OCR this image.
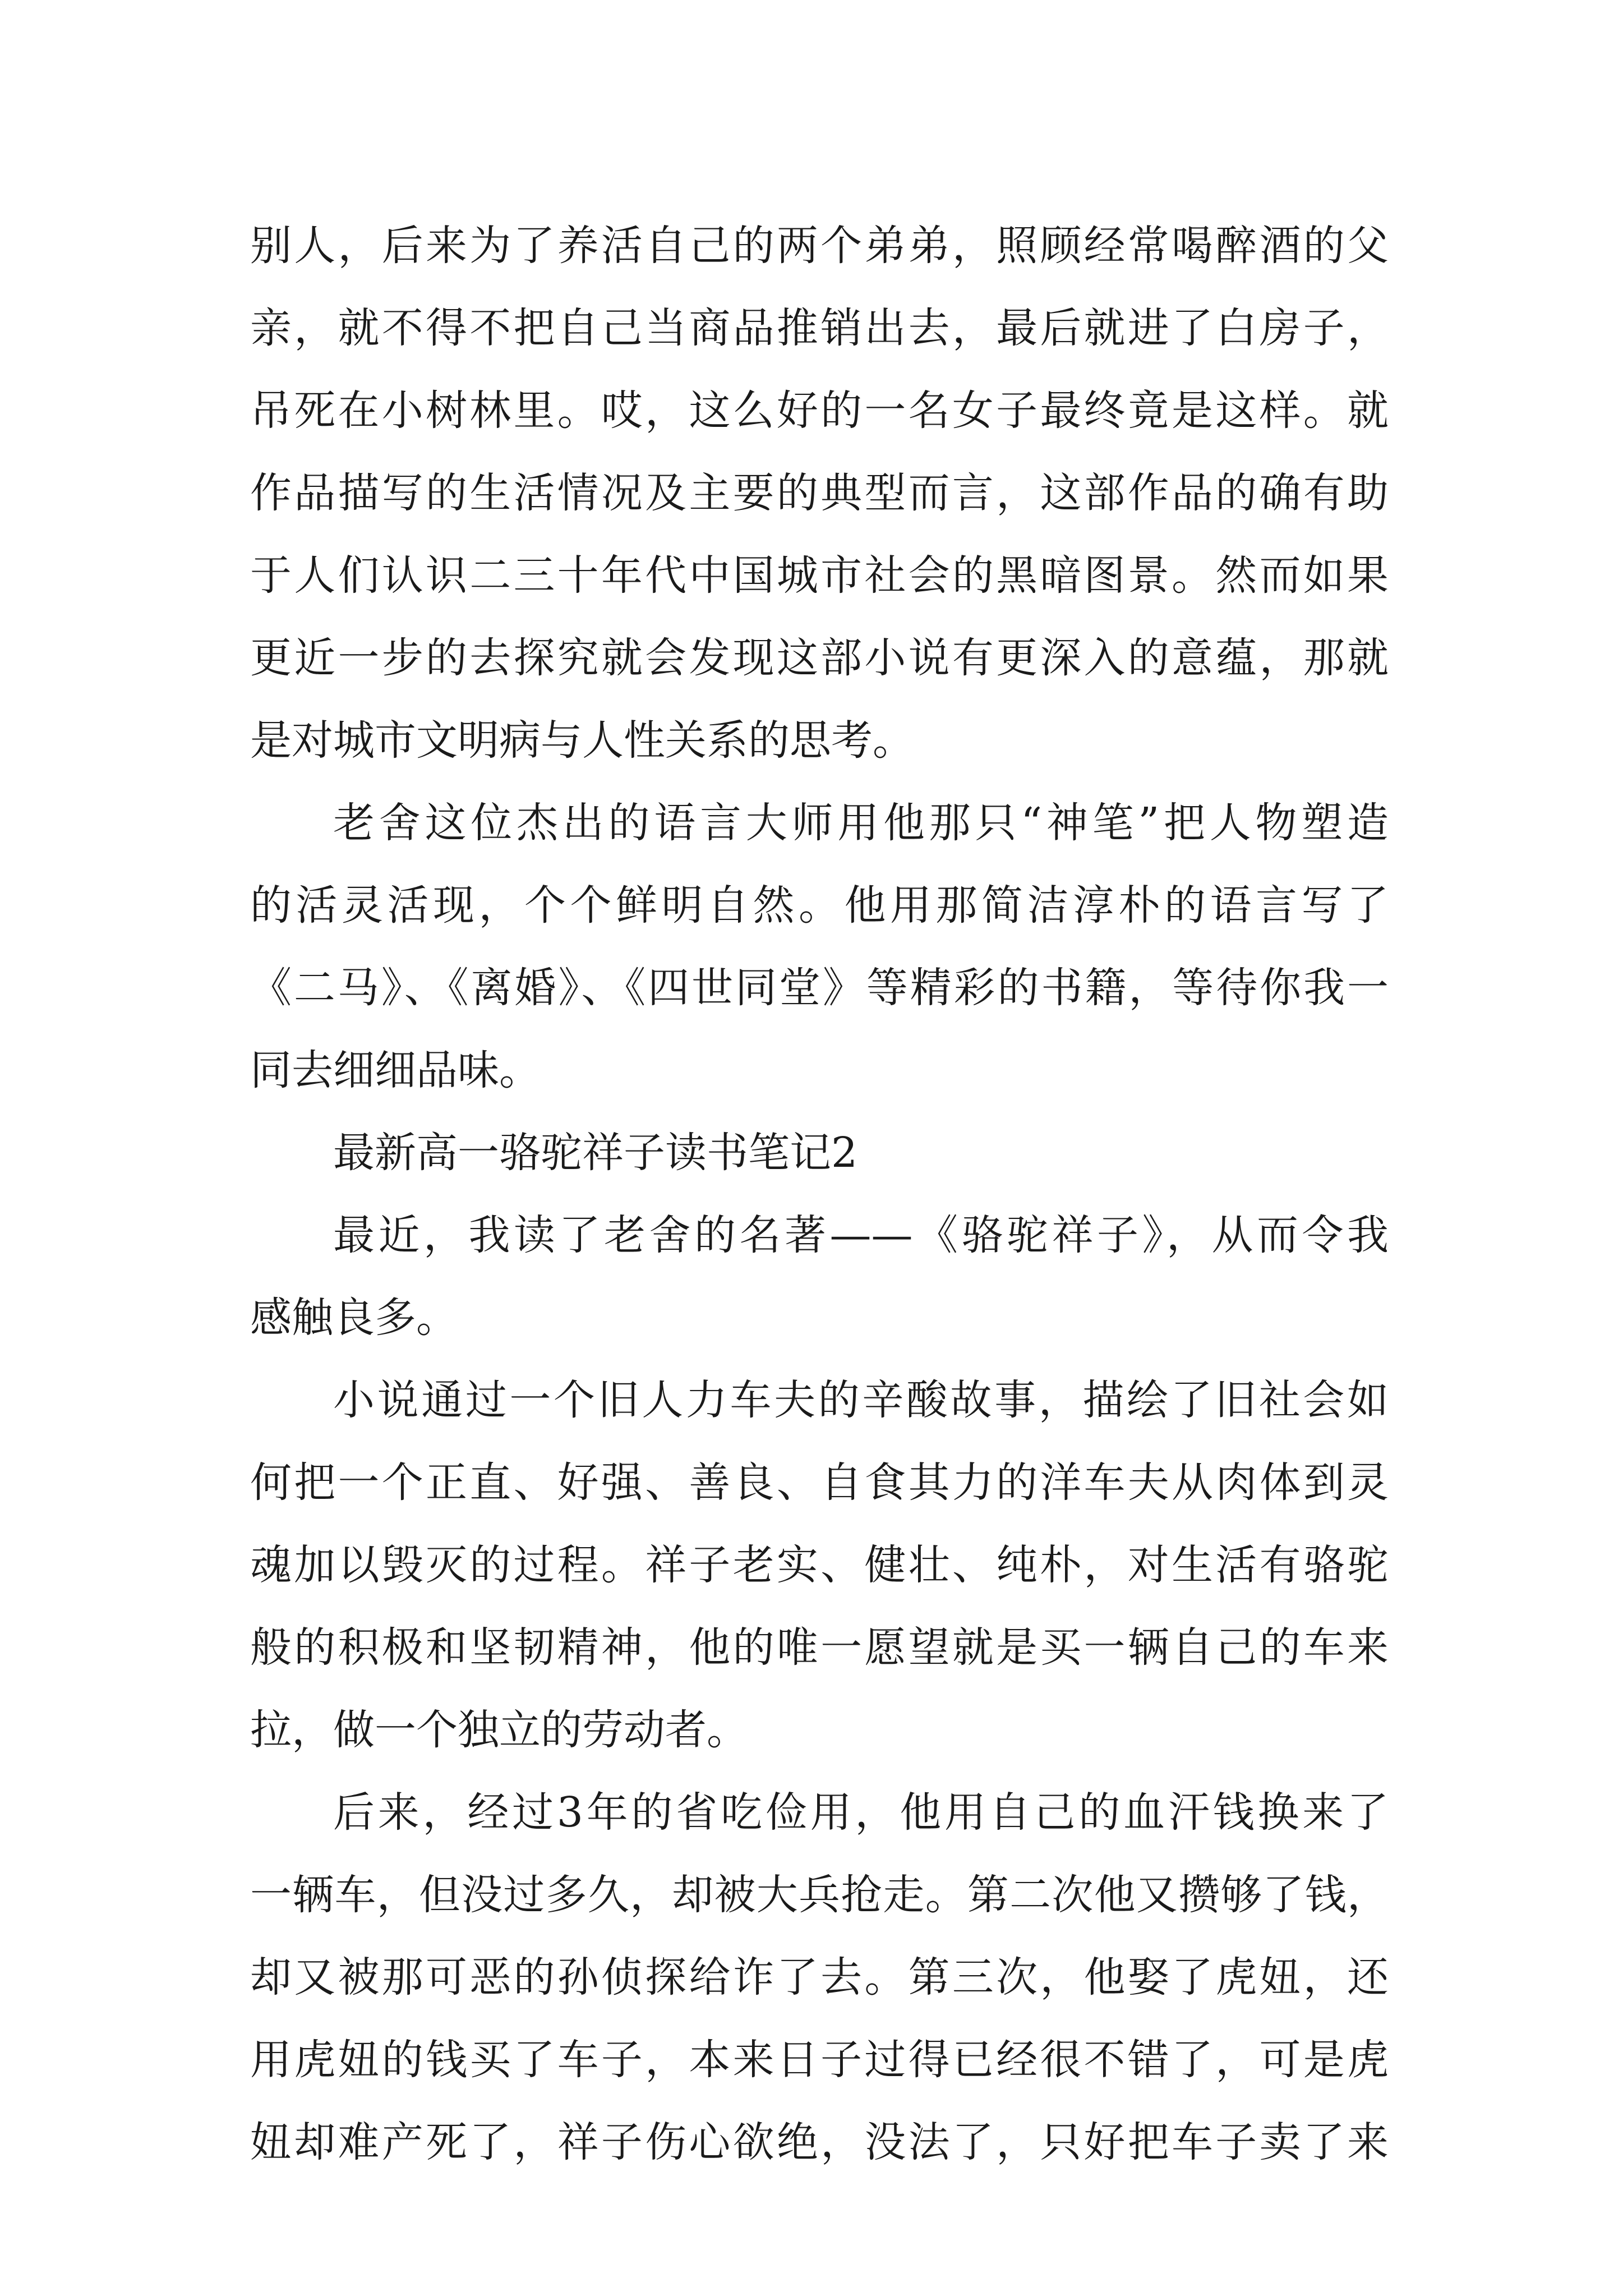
别人，后来为了养活自己的两个弟弟，照顾经常喝醉酒的父
亲，就不得不把自己当商品推销出去，最后就进了白房子，
吊死在小树林里。哎，这么好的一名女子最终竟是这样。就
作品描写的生活情况及主要的典型而言，这部作品的确有助
于人们认识二三十年代中国城市社会的黑暗图景。然而如果
更近一步的去探究就会发现这部小说有更深入的意蕴，那就
是对城市文明病与人性关系的思考。
老舍这位杰出的语言大师用他那只“神笔”把人物塑造
的活灵活现，个个鲜明自然。他用那简洁淳朴的语言写了
《二马》、《离婚》、《四世同堂》等精彩的书籍，等待你我一
同去细细品味。
最新高一骆驼祥子读书笔记2
最近，我读了老舍的名著——《骆驼祥子》，从而令我
感触良多。
小说通过一个旧人力车夫的辛酸故事，描绘了旧社会如
何把一个正直、好强、善良、自食其力的洋车夫从肉体到灵
魂加以毁灭的过程。祥子老实、健壮、纯朴，对生活有骆驼
般的积极和坚韧精神，他的唯一愿望就是买一辆自己的车来
拉，做一个独立的劳动者。
后来，经过3年的省吃俭用，他用自己的血汗钱换来了
一辆车，但没过多久，却被大兵抢走。第二次他又攒够了钱，
却又被那可恶的孙侦探给诈了去。第三次，他娶了虎妞，还
用虎妞的钱买了车子，本来日子过得已经很不错了，可是虎
妞却难产死了，祥子伤心欲绝，没法了，只好把车子卖了来
